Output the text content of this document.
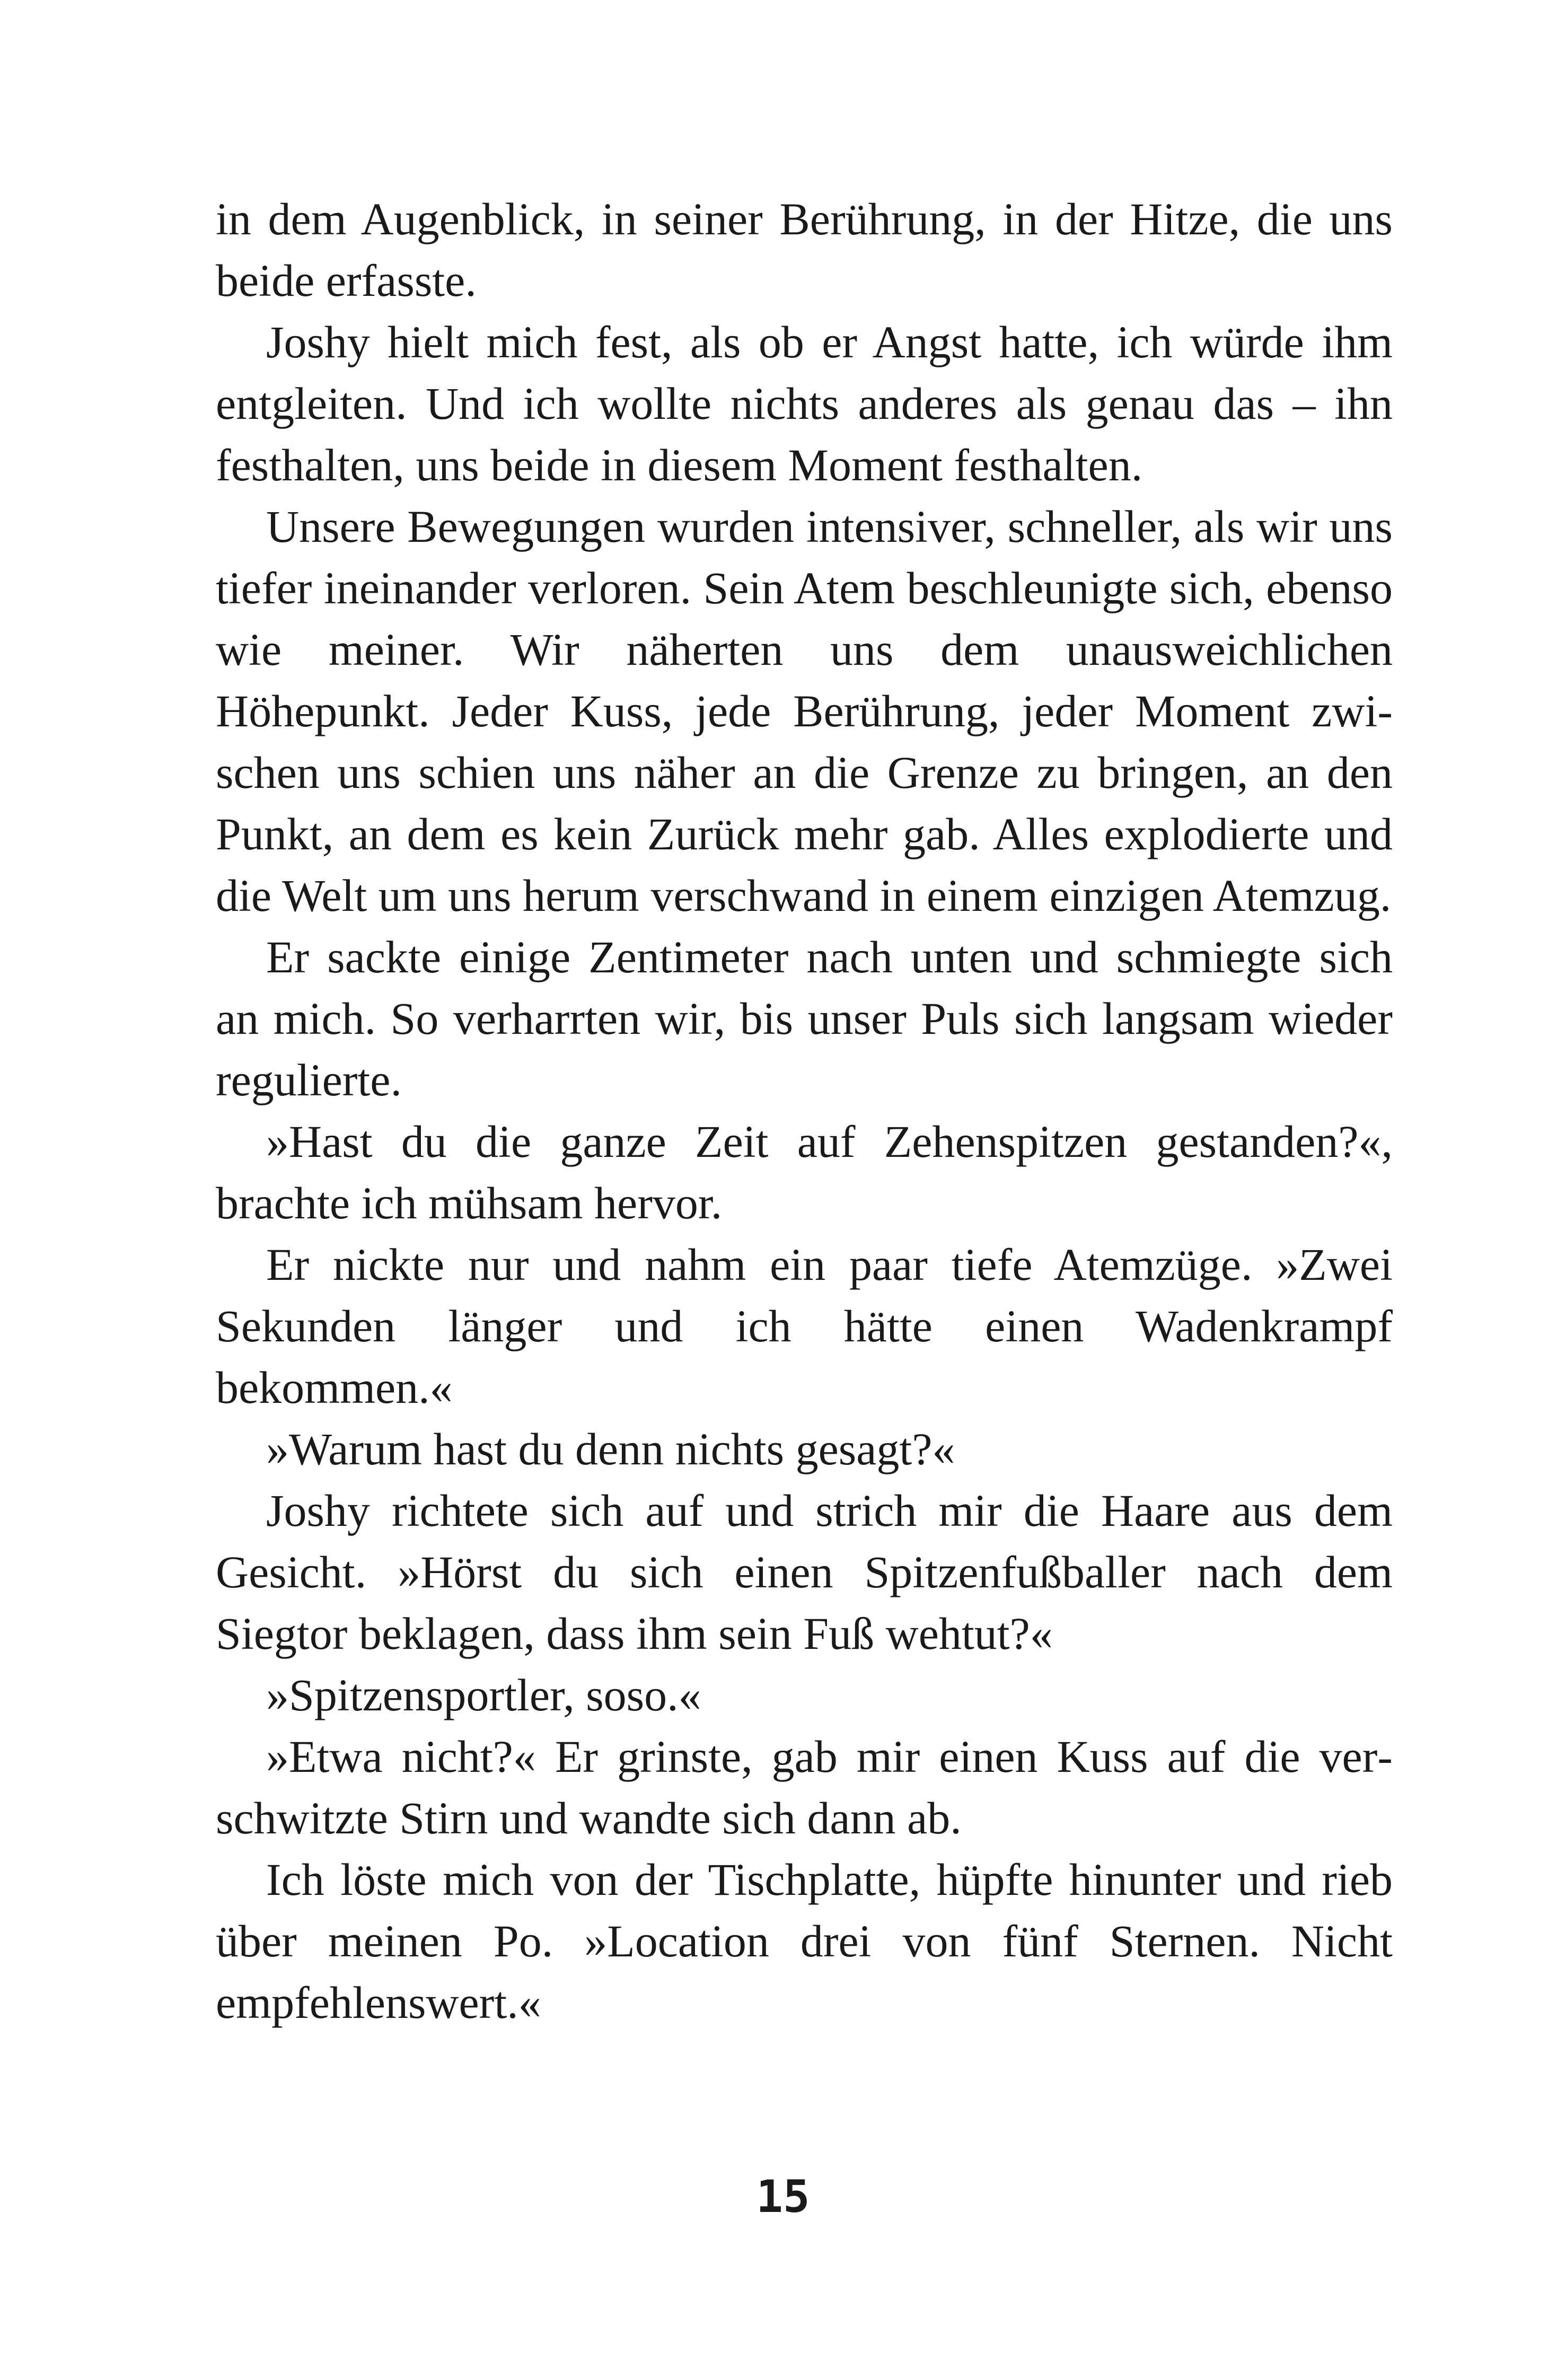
in dem Augenblick, in seiner Berührung, in der Hitze, die uns beide erfasste.

Joshy hielt mich fest, als ob er Angst hatte, ich würde ihm entgleiten. Und ich wollte nichts anderes als genau das – ihn festhalten, uns beide in diesem Moment festhalten.

Unsere Bewegungen wurden intensiver, schneller, als wir uns tiefer ineinander verloren. Sein Atem beschleunigte sich, ebenso wie meiner. Wir näherten uns dem unausweichlichen Höhepunkt. Jeder Kuss, jede Berührung, jeder Moment zwischen uns schien uns näher an die Grenze zu bringen, an den Punkt, an dem es kein Zurück mehr gab. Alles explodierte und die Welt um uns herum verschwand in einem einzigen Atemzug.

Er sackte einige Zentimeter nach unten und schmiegte sich an mich. So verharrten wir, bis unser Puls sich langsam wieder regulierte.

»Hast du die ganze Zeit auf Zehenspitzen gestanden?«, brachte ich mühsam hervor.

Er nickte nur und nahm ein paar tiefe Atemzüge. »Zwei Sekunden länger und ich hätte einen Wadenkrampf bekommen.«

»Warum hast du denn nichts gesagt?«

Joshy richtete sich auf und strich mir die Haare aus dem Gesicht. »Hörst du sich einen Spitzenfußballer nach dem Siegtor beklagen, dass ihm sein Fuß wehtut?«

»Spitzensportler, soso.«

»Etwa nicht?« Er grinste, gab mir einen Kuss auf die verschwitzte Stirn und wandte sich dann ab.

Ich löste mich von der Tischplatte, hüpfte hinunter und rieb über meinen Po. »Location drei von fünf Sternen. Nicht empfehlenswert.«

15
